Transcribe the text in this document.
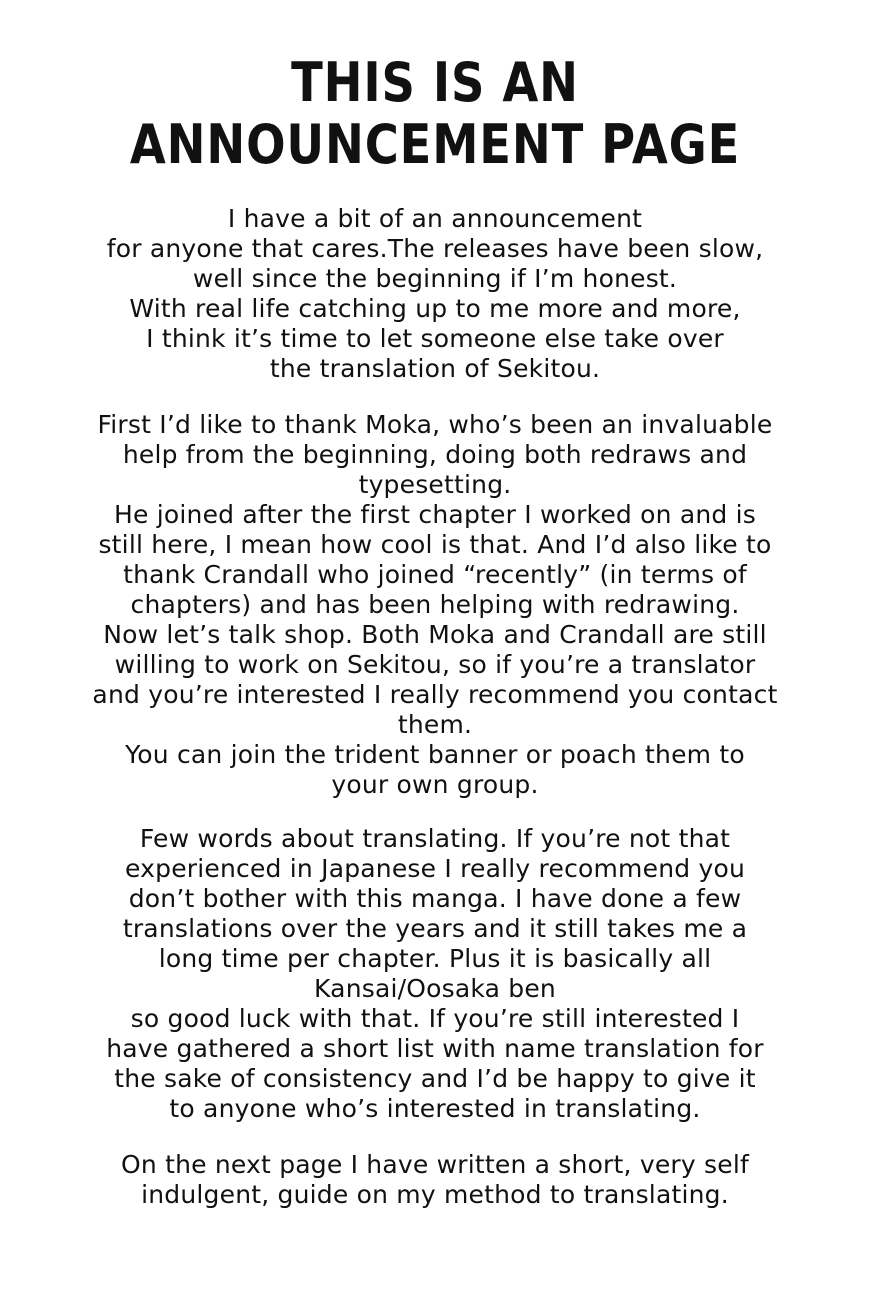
THIS IS AN
ANNOUNCEMENT PAGE
I have a bit of an announcement
for anyone that cares.The releases have been slow,
well since the beginning if I’m honest.
With real life catching up to me more and more,
I think it’s time to let someone else take over
the translation of Sekitou.
First I’d like to thank Moka, who’s been an invaluable
help from the beginning, doing both redraws and
typesetting.
He joined after the first chapter I worked on and is
still here, I mean how cool is that. And I’d also like to
thank Crandall who joined “recently” (in terms of
chapters) and has been helping with redrawing.
Now let’s talk shop. Both Moka and Crandall are still
willing to work on Sekitou, so if you’re a translator
and you’re interested I really recommend you contact
them.
You can join the trident banner or poach them to
your own group.
Few words about translating. If you’re not that
experienced in Japanese I really recommend you
don’t bother with this manga. I have done a few
translations over the years and it still takes me a
long time per chapter. Plus it is basically all
Kansai/Oosaka ben
so good luck with that. If you’re still interested I
have gathered a short list with name translation for
the sake of consistency and I’d be happy to give it
to anyone who’s interested in translating.
On the next page I have written a short, very self
indulgent, guide on my method to translating.
